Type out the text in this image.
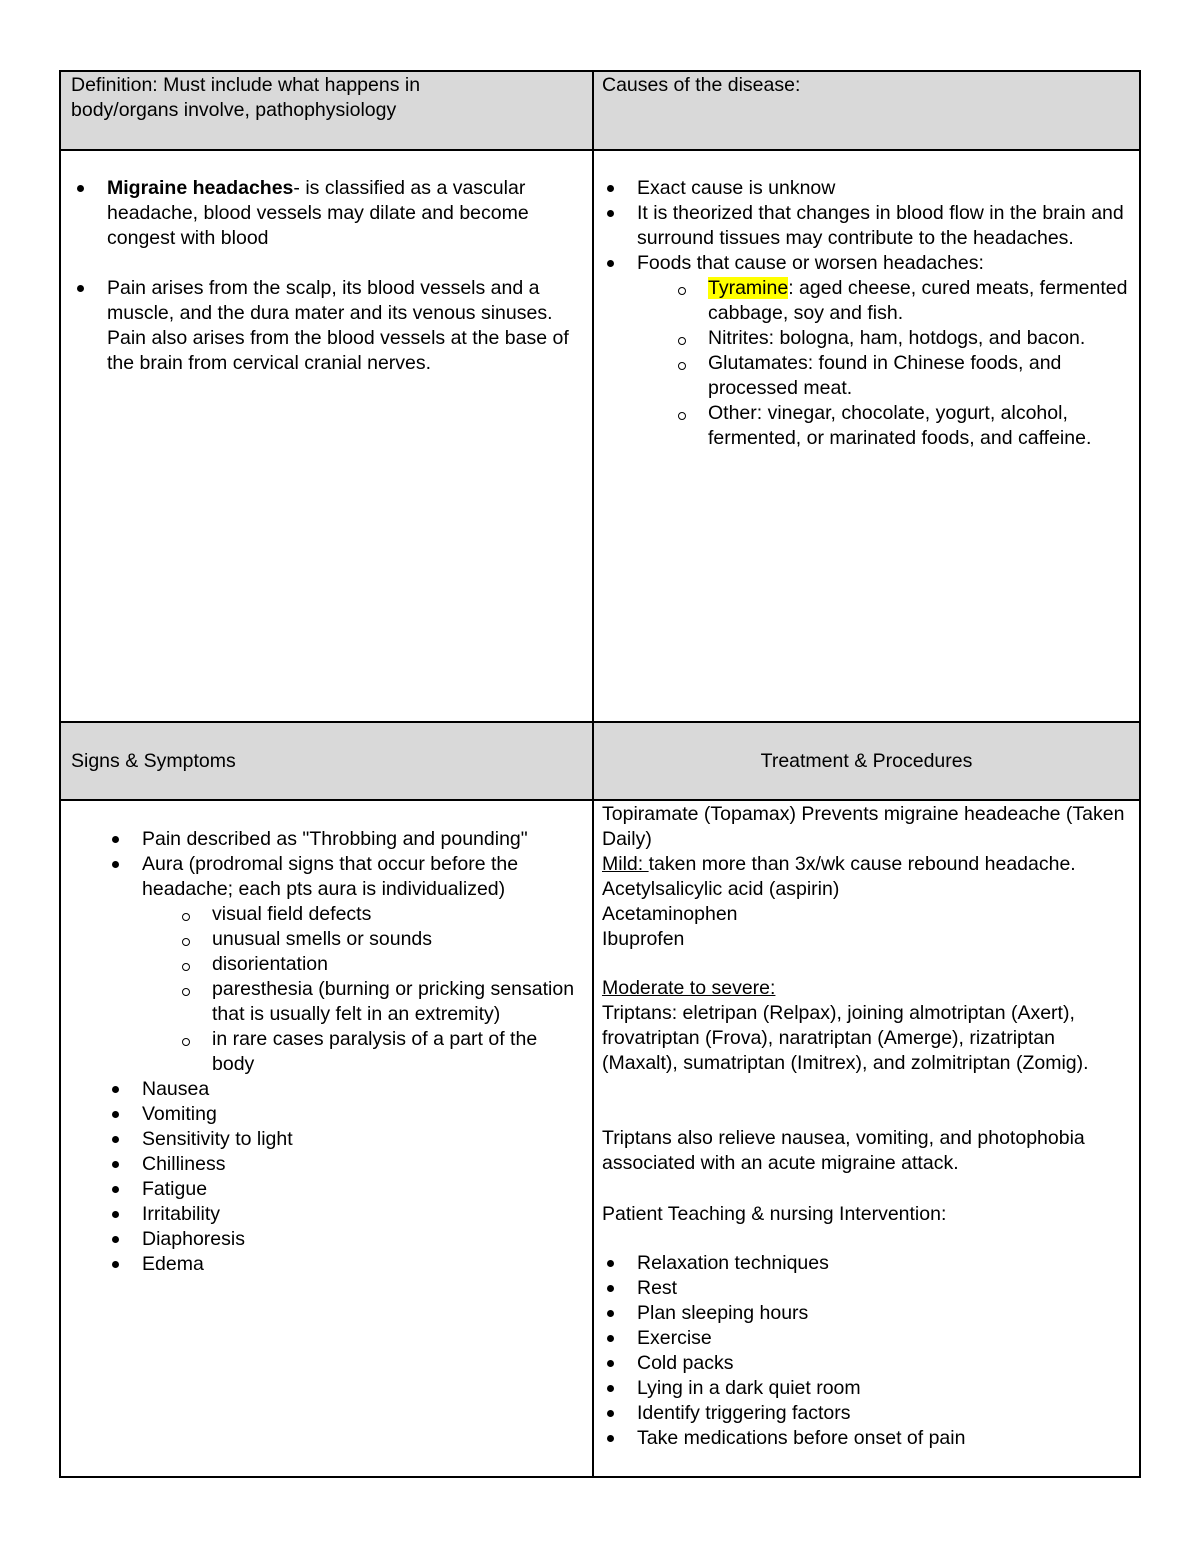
Definition: Must include what happens in body/organs involve, pathophysiology

Causes of the disease:

Migraine headaches- is classified as a vascular headache, blood vessels may dilate and become congest with blood
Pain arises from the scalp, its blood vessels and a muscle, and the dura mater and its venous sinuses. Pain also arises from the blood vessels at the base of the brain from cervical cranial nerves.
Exact cause is unknow
It is theorized that changes in blood flow in the brain and surround tissues may contribute to the headaches.
Foods that cause or worsen headaches:
Tyramine: aged cheese, cured meats, fermented cabbage, soy and fish.
Nitrites: bologna, ham, hotdogs, and bacon.
Glutamates: found in Chinese foods, and processed meat.
Other: vinegar, chocolate, yogurt, alcohol, fermented, or marinated foods, and caffeine.

Signs & Symptoms	Treatment & Procedures

Pain described as "Throbbing and pounding"
Aura (prodromal signs that occur before the headache; each pts aura is individualized)
visual field defects
unusual smells or sounds
disorientation
paresthesia (burning or pricking sensation that is usually felt in an extremity)
in rare cases paralysis of a part of the body
Nausea
Vomiting
Sensitivity to light
Chilliness
Fatigue
Irritability
Diaphoresis
Edema

Topiramate (Topamax) Prevents migraine headeache (Taken Daily)

Mild: taken more than 3x/wk cause rebound headache.

Acetylsalicylic acid (aspirin)

Acetaminophen

Ibuprofen

Moderate to severe:

Triptans: eletripan (Relpax), joining almotriptan (Axert), frovatriptan (Frova), naratriptan (Amerge), rizatriptan (Maxalt), sumatriptan (Imitrex), and zolmitriptan (Zomig).

Triptans also relieve nausea, vomiting, and photophobia associated with an acute migraine attack.

Patient Teaching & nursing Intervention:

Relaxation techniques
Rest
Plan sleeping hours
Exercise
Cold packs
Lying in a dark quiet room
Identify triggering factors
Take medications before onset of pain
